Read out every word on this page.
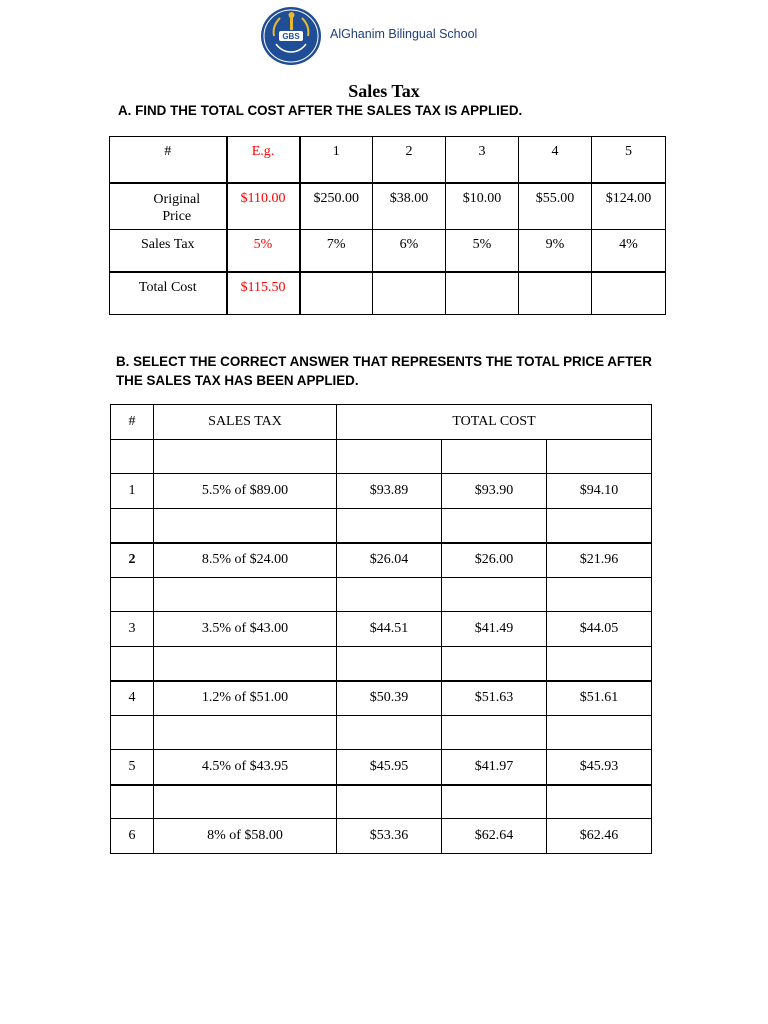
GBS AlGhanim Bilingual School
Sales Tax
A. FIND THE TOTAL COST AFTER THE SALES TAX IS APPLIED.
#	E.g.	1	2	3	4	5
Original Price	$110.00	$250.00	$38.00	$10.00	$55.00	$124.00
Sales Tax	5%	7%	6%	5%	9%	4%
Total Cost	$115.50					
B. SELECT THE CORRECT ANSWER THAT REPRESENTS THE TOTAL PRICE AFTER THE SALES TAX HAS BEEN APPLIED.
#	SALES TAX	TOTAL COST		

1	5.5% of $89.00	$93.89	$93.90	$94.10

2	8.5% of $24.00	$26.04	$26.00	$21.96

3	3.5% of $43.00	$44.51	$41.49	$44.05

4	1.2% of $51.00	$50.39	$51.63	$51.61

5	4.5% of $43.95	$45.95	$41.97	$45.93

6	8% of $58.00	$53.36	$62.64	$62.46
